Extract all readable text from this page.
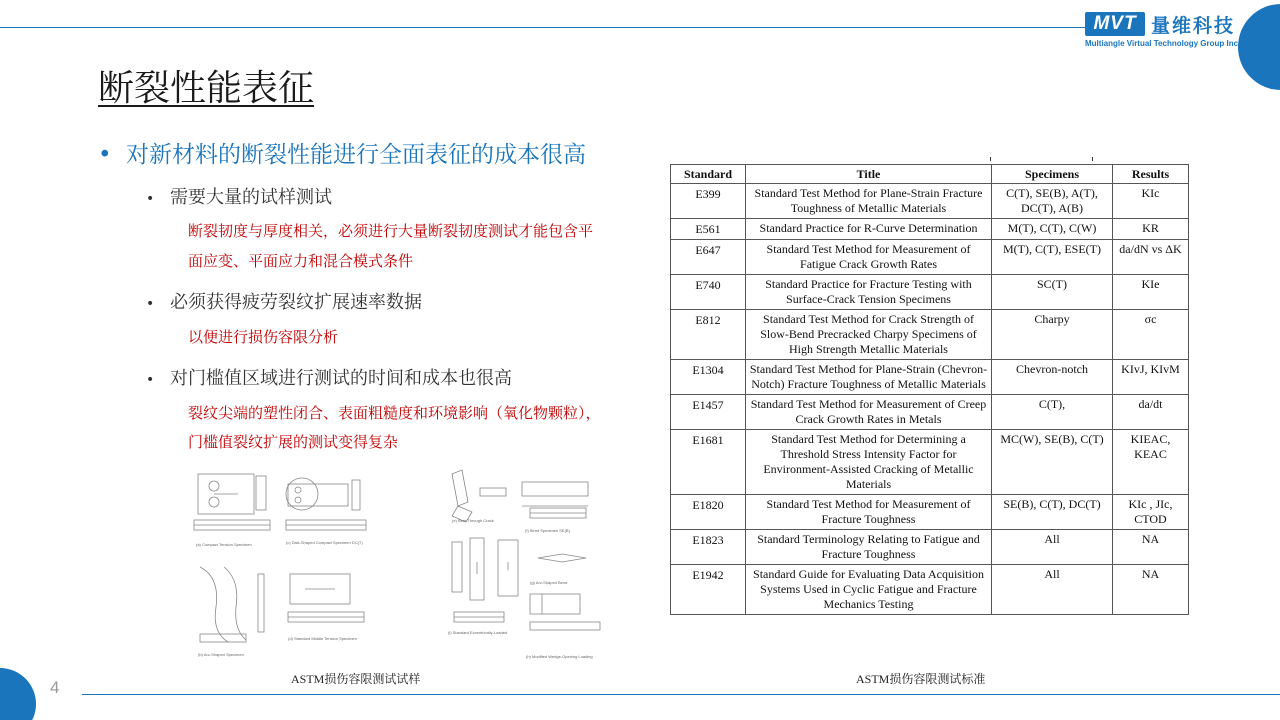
4
MVT 量维科技
Multiangle Virtual Technology Group Inc.
断裂性能表征
• 对新材料的断裂性能进行全面表征的成本很高
• 需要大量的试样测试
断裂韧度与厚度相关，必须进行大量断裂韧度测试才能包含平
面应变、平面应力和混合模式条件
• 必须获得疲劳裂纹扩展速率数据
以便进行损伤容限分析
• 对门槛值区域进行测试的时间和成本也很高
裂纹尖端的塑性闭合、表面粗糙度和环境影响（氧化物颗粒），
门槛值裂纹扩展的测试变得复杂
(a) Compact Tension Specimen	(c) Disk-Shaped Compact Specimen DC(T)
(b) Arc-Shaped Specimen
(d) Standard Middle Tension Specimen
(e) Bent Through Crack
(f) Bend Specimen SE(B)
(i) Standard Eccentrically-Loaded
(g) Arc-Shaped Bend
(h) Modified Wedge-Opening Loading
ASTM损伤容限测试试样
Standard	Title	Specimens	Results
E399	Standard Test Method for Plane-Strain Fracture Toughness of Metallic Materials	C(T), SE(B), A(T), DC(T), A(B)	KIc
E561	Standard Practice for R-Curve Determination	M(T), C(T), C(W)	KR
E647	Standard Test Method for Measurement of Fatigue Crack Growth Rates	M(T), C(T), ESE(T)	da/dN vs ΔK
E740	Standard Practice for Fracture Testing with Surface-Crack Tension Specimens	SC(T)	KIe
E812	Standard Test Method for Crack Strength of Slow-Bend Precracked Charpy Specimens of High Strength Metallic Materials	Charpy	σc
E1304	Standard Test Method for Plane-Strain (Chevron-Notch) Fracture Toughness of Metallic Materials	Chevron-notch	KIvJ, KIvM
E1457	Standard Test Method for Measurement of Creep Crack Growth Rates in Metals	C(T),	da/dt
E1681	Standard Test Method for Determining a Threshold Stress Intensity Factor for Environment-Assisted Cracking of Metallic Materials	MC(W), SE(B), C(T)	KIEAC, KEAC
E1820	Standard Test Method for Measurement of Fracture Toughness	SE(B), C(T), DC(T)	KIc , JIc, CTOD
E1823	Standard Terminology Relating to Fatigue and Fracture Toughness	All	NA
E1942	Standard Guide for Evaluating Data Acquisition Systems Used in Cyclic Fatigue and Fracture Mechanics Testing	All	NA
ASTM损伤容限测试标准
